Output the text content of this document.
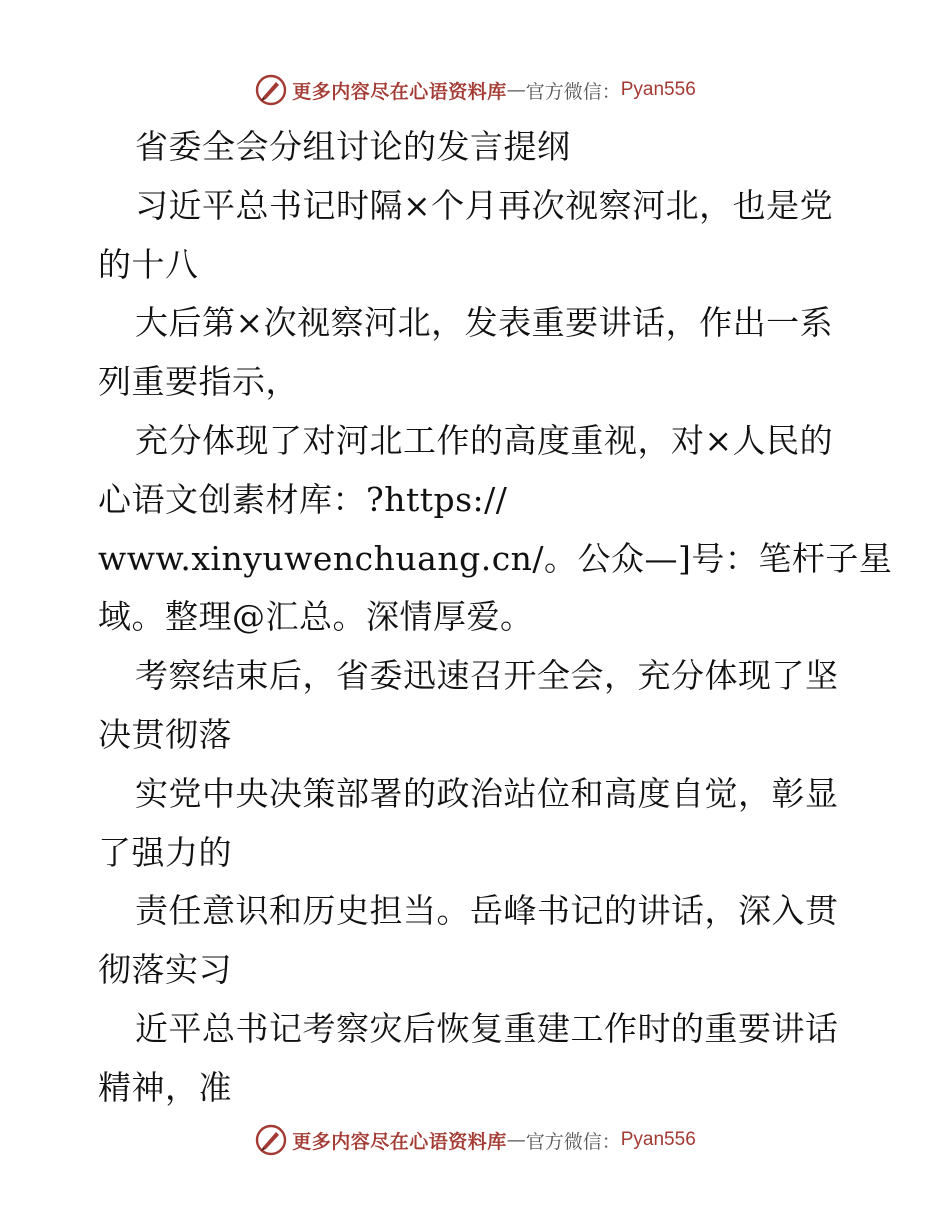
更多内容尽在心语资料库 — 官方微信： Pyan556
省委全会分组讨论的发言提纲
习近平总书记时隔×个月再次视察河北，也是党
的十八
大后第×次视察河北，发表重要讲话，作出一系
列重要指示，
充分体现了对河北工作的高度重视，对×人民的
心语文创素材库：?https://
www.xinyuwenchuang.cn/。公众—]号：笔杆子星
域。整理@汇总。深情厚爱。
考察结束后，省委迅速召开全会，充分体现了坚
决贯彻落
实党中央决策部署的政治站位和高度自觉，彰显
了强力的
责任意识和历史担当。岳峰书记的讲话，深入贯
彻落实习
近平总书记考察灾后恢复重建工作时的重要讲话
精神，准
更多内容尽在心语资料库 — 官方微信： Pyan556
